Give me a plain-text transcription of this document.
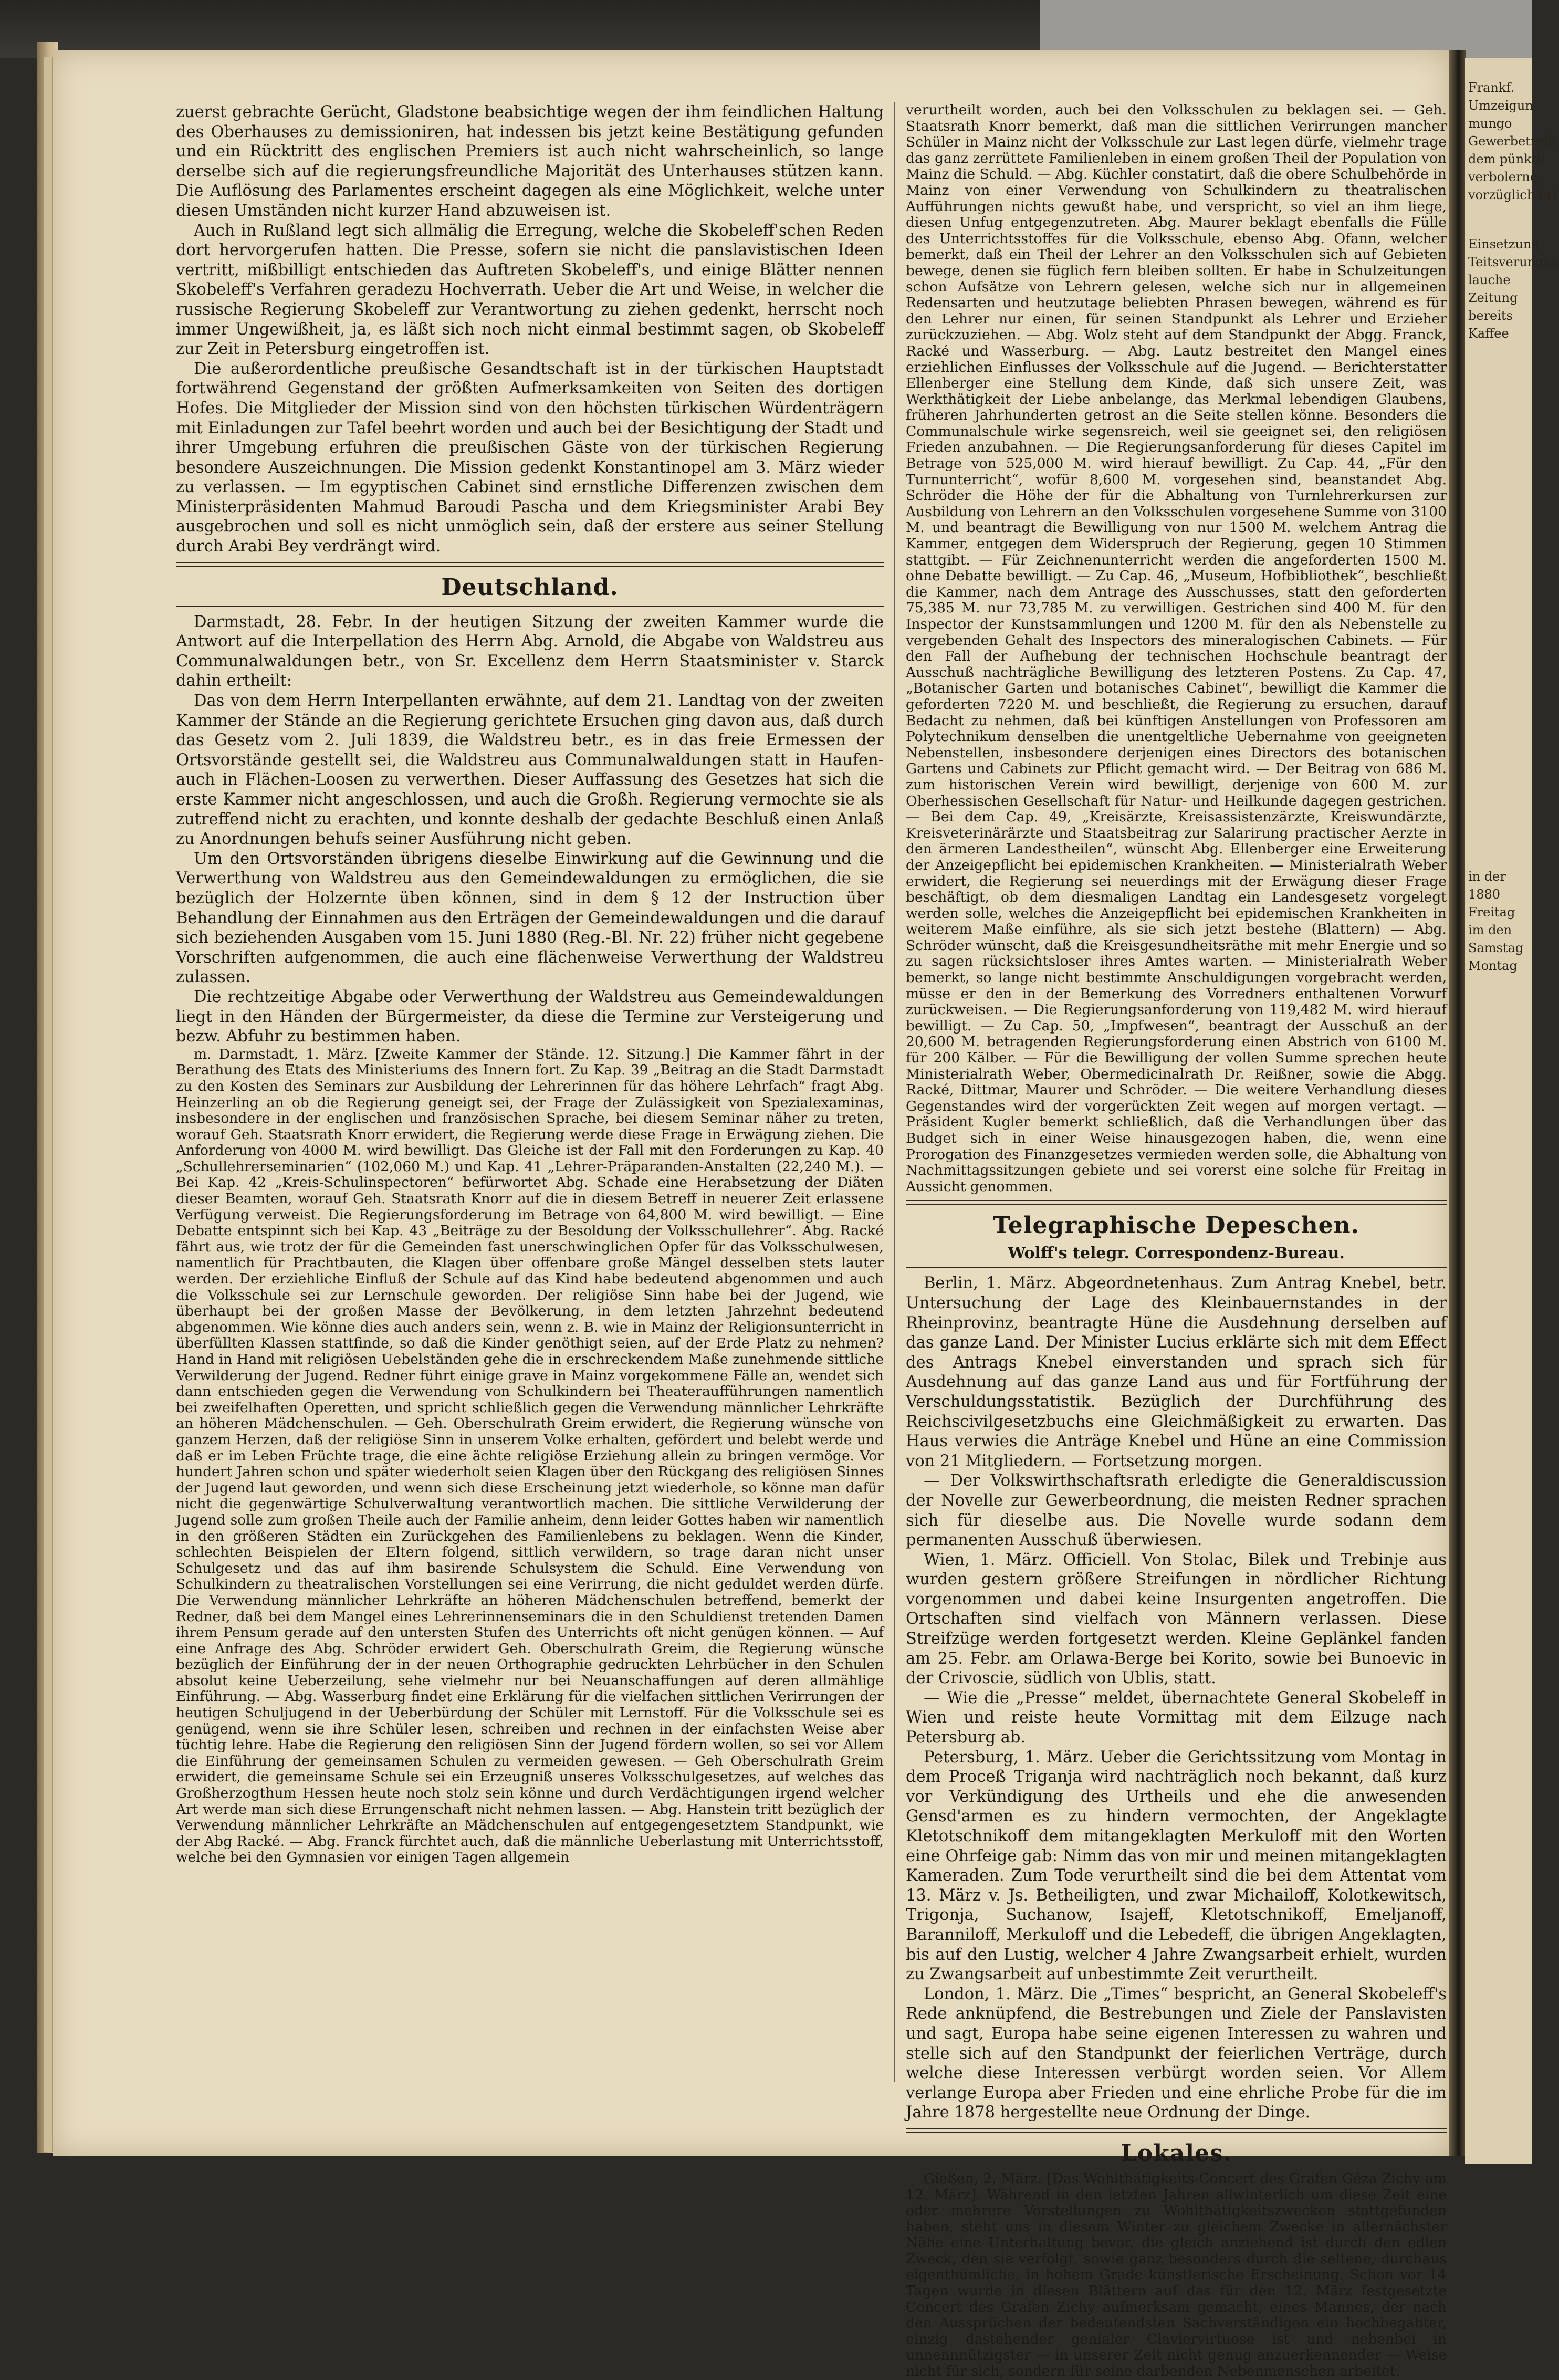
Frankf.
Umzeigun
mungo
Gewerbetreib
dem pünktli
verbolerne
vorzüglich bri
Einsetzung
Teitsverungen
lauche
Zeitung
bereits
Kaffee
in der
1880
Freitag
im den
Samstag
Montag

zuerst gebrachte Gerücht, Gladstone beabsichtige wegen der ihm feindlichen Haltung des Oberhauses zu demissioniren, hat indessen bis jetzt keine Bestätigung gefunden und ein Rücktritt des englischen Premiers ist auch nicht wahrscheinlich, so lange derselbe sich auf die regierungsfreundliche Majorität des Unterhauses stützen kann. Die Auflösung des Parlamentes erscheint dagegen als eine Möglichkeit, welche unter diesen Umständen nicht kurzer Hand abzuweisen ist.

Auch in Rußland legt sich allmälig die Erregung, welche die Skobeleff'schen Reden dort hervorgerufen hatten. Die Presse, sofern sie nicht die panslavistischen Ideen vertritt, mißbilligt entschieden das Auftreten Skobeleff's, und einige Blätter nennen Skobeleff's Verfahren geradezu Hochverrath. Ueber die Art und Weise, in welcher die russische Regierung Skobeleff zur Verantwortung zu ziehen gedenkt, herrscht noch immer Ungewißheit, ja, es läßt sich noch nicht einmal bestimmt sagen, ob Skobeleff zur Zeit in Petersburg eingetroffen ist.

Die außerordentliche preußische Gesandtschaft ist in der türkischen Hauptstadt fortwährend Gegenstand der größten Aufmerksamkeiten von Seiten des dortigen Hofes. Die Mitglieder der Mission sind von den höchsten türkischen Würdenträgern mit Einladungen zur Tafel beehrt worden und auch bei der Besichtigung der Stadt und ihrer Umgebung erfuhren die preußischen Gäste von der türkischen Regierung besondere Auszeichnungen. Die Mission gedenkt Konstantinopel am 3. März wieder zu verlassen. — Im egyptischen Cabinet sind ernstliche Differenzen zwischen dem Ministerpräsidenten Mahmud Baroudi Pascha und dem Kriegsminister Arabi Bey ausgebrochen und soll es nicht unmöglich sein, daß der erstere aus seiner Stellung durch Arabi Bey verdrängt wird.

Deutschland.

Darmstadt, 28. Febr. In der heutigen Sitzung der zweiten Kammer wurde die Antwort auf die Interpellation des Herrn Abg. Arnold, die Abgabe von Waldstreu aus Communalwaldungen betr., von Sr. Excellenz dem Herrn Staatsminister v. Starck dahin ertheilt:

Das von dem Herrn Interpellanten erwähnte, auf dem 21. Landtag von der zweiten Kammer der Stände an die Regierung gerichtete Ersuchen ging davon aus, daß durch das Gesetz vom 2. Juli 1839, die Waldstreu betr., es in das freie Ermessen der Ortsvorstände gestellt sei, die Waldstreu aus Communalwaldungen statt in Haufen- auch in Flächen-Loosen zu verwerthen. Dieser Auffassung des Gesetzes hat sich die erste Kammer nicht angeschlossen, und auch die Großh. Regierung vermochte sie als zutreffend nicht zu erachten, und konnte deshalb der gedachte Beschluß einen Anlaß zu Anordnungen behufs seiner Ausführung nicht geben.

Um den Ortsvorständen übrigens dieselbe Einwirkung auf die Gewinnung und die Verwerthung von Waldstreu aus den Gemeindewaldungen zu ermöglichen, die sie bezüglich der Holzernte üben können, sind in dem § 12 der Instruction über Behandlung der Einnahmen aus den Erträgen der Gemeindewaldungen und die darauf sich beziehenden Ausgaben vom 15. Juni 1880 (Reg.-Bl. Nr. 22) früher nicht gegebene Vorschriften aufgenommen, die auch eine flächenweise Verwerthung der Waldstreu zulassen.

Die rechtzeitige Abgabe oder Verwerthung der Waldstreu aus Gemeindewaldungen liegt in den Händen der Bürgermeister, da diese die Termine zur Versteigerung und bezw. Abfuhr zu bestimmen haben.

m. Darmstadt, 1. März. [Zweite Kammer der Stände. 12. Sitzung.] Die Kammer fährt in der Berathung des Etats des Ministeriums des Innern fort. Zu Kap. 39 „Beitrag an die Stadt Darmstadt zu den Kosten des Seminars zur Ausbildung der Lehrerinnen für das höhere Lehrfach“ fragt Abg. Heinzerling an ob die Regierung geneigt sei, der Frage der Zulässigkeit von Spezialexaminas, insbesondere in der englischen und französischen Sprache, bei diesem Seminar näher zu treten, worauf Geh. Staatsrath Knorr erwidert, die Regierung werde diese Frage in Erwägung ziehen. Die Anforderung von 4000 M. wird bewilligt. Das Gleiche ist der Fall mit den Forderungen zu Kap. 40 „Schullehrerseminarien“ (102,060 M.) und Kap. 41 „Lehrer-Präparanden-Anstalten (22,240 M.). — Bei Kap. 42 „Kreis-Schulinspectoren“ befürwortet Abg. Schade eine Herabsetzung der Diäten dieser Beamten, worauf Geh. Staatsrath Knorr auf die in diesem Betreff in neuerer Zeit erlassene Verfügung verweist. Die Regierungsforderung im Betrage von 64,800 M. wird bewilligt. — Eine Debatte entspinnt sich bei Kap. 43 „Beiträge zu der Besoldung der Volksschullehrer“. Abg. Racké fährt aus, wie trotz der für die Gemeinden fast unerschwinglichen Opfer für das Volksschulwesen, namentlich für Prachtbauten, die Klagen über offenbare große Mängel desselben stets lauter werden. Der erziehliche Einfluß der Schule auf das Kind habe bedeutend abgenommen und auch die Volksschule sei zur Lernschule geworden. Der religiöse Sinn habe bei der Jugend, wie überhaupt bei der großen Masse der Bevölkerung, in dem letzten Jahrzehnt bedeutend abgenommen. Wie könne dies auch anders sein, wenn z. B. wie in Mainz der Religionsunterricht in überfüllten Klassen stattfinde, so daß die Kinder genöthigt seien, auf der Erde Platz zu nehmen? Hand in Hand mit religiösen Uebelständen gehe die in erschreckendem Maße zunehmende sittliche Verwilderung der Jugend. Redner führt einige grave in Mainz vorgekommene Fälle an, wendet sich dann entschieden gegen die Verwendung von Schulkindern bei Theateraufführungen namentlich bei zweifelhaften Operetten, und spricht schließlich gegen die Verwendung männlicher Lehrkräfte an höheren Mädchenschulen. — Geh. Oberschulrath Greim erwidert, die Regierung wünsche von ganzem Herzen, daß der religiöse Sinn in unserem Volke erhalten, gefördert und belebt werde und daß er im Leben Früchte trage, die eine ächte religiöse Erziehung allein zu bringen vermöge. Vor hundert Jahren schon und später wiederholt seien Klagen über den Rückgang des religiösen Sinnes der Jugend laut geworden, und wenn sich diese Erscheinung jetzt wiederhole, so könne man dafür nicht die gegenwärtige Schulverwaltung verantwortlich machen. Die sittliche Verwilderung der Jugend solle zum großen Theile auch der Familie anheim, denn leider Gottes haben wir namentlich in den größeren Städten ein Zurückgehen des Familienlebens zu beklagen. Wenn die Kinder, schlechten Beispielen der Eltern folgend, sittlich verwildern, so trage daran nicht unser Schulgesetz und das auf ihm basirende Schulsystem die Schuld. Eine Verwendung von Schulkindern zu theatralischen Vorstellungen sei eine Verirrung, die nicht geduldet werden dürfe. Die Verwendung männlicher Lehrkräfte an höheren Mädchenschulen betreffend, bemerkt der Redner, daß bei dem Mangel eines Lehrerinnenseminars die in den Schuldienst tretenden Damen ihrem Pensum gerade auf den untersten Stufen des Unterrichts oft nicht genügen können. — Auf eine Anfrage des Abg. Schröder erwidert Geh. Oberschulrath Greim, die Regierung wünsche bezüglich der Einführung der in der neuen Orthographie gedruckten Lehrbücher in den Schulen absolut keine Ueberzeilung, sehe vielmehr nur bei Neuanschaffungen auf deren allmählige Einführung. — Abg. Wasserburg findet eine Erklärung für die vielfachen sittlichen Verirrungen der heutigen Schuljugend in der Ueberbürdung der Schüler mit Lernstoff. Für die Volksschule sei es genügend, wenn sie ihre Schüler lesen, schreiben und rechnen in der einfachsten Weise aber tüchtig lehre. Habe die Regierung den religiösen Sinn der Jugend fördern wollen, so sei vor Allem die Einführung der gemeinsamen Schulen zu vermeiden gewesen. — Geh Oberschulrath Greim erwidert, die gemeinsame Schule sei ein Erzeugniß unseres Volksschulgesetzes, auf welches das Großherzogthum Hessen heute noch stolz sein könne und durch Verdächtigungen irgend welcher Art werde man sich diese Errungenschaft nicht nehmen lassen. — Abg. Hanstein tritt bezüglich der Verwendung männlicher Lehrkräfte an Mädchenschulen auf entgegengesetztem Standpunkt, wie der Abg Racké. — Abg. Franck fürchtet auch, daß die männliche Ueberlastung mit Unterrichtsstoff, welche bei den Gymnasien vor einigen Tagen allgemein

verurtheilt worden, auch bei den Volksschulen zu beklagen sei. — Geh. Staatsrath Knorr bemerkt, daß man die sittlichen Verirrungen mancher Schüler in Mainz nicht der Volksschule zur Last legen dürfe, vielmehr trage das ganz zerrüttete Familienleben in einem großen Theil der Population von Mainz die Schuld. — Abg. Küchler constatirt, daß die obere Schulbehörde in Mainz von einer Verwendung von Schulkindern zu theatralischen Aufführungen nichts gewußt habe, und verspricht, so viel an ihm liege, diesen Unfug entgegenzutreten. Abg. Maurer beklagt ebenfalls die Fülle des Unterrichtsstoffes für die Volksschule, ebenso Abg. Ofann, welcher bemerkt, daß ein Theil der Lehrer an den Volksschulen sich auf Gebieten bewege, denen sie füglich fern bleiben sollten. Er habe in Schulzeitungen schon Aufsätze von Lehrern gelesen, welche sich nur in allgemeinen Redensarten und heutzutage beliebten Phrasen bewegen, während es für den Lehrer nur einen, für seinen Standpunkt als Lehrer und Erzieher zurückzuziehen. — Abg. Wolz steht auf dem Standpunkt der Abgg. Franck, Racké und Wasserburg. — Abg. Lautz bestreitet den Mangel eines erziehlichen Einflusses der Volksschule auf die Jugend. — Berichterstatter Ellenberger eine Stellung dem Kinde, daß sich unsere Zeit, was Werkthätigkeit der Liebe anbelange, das Merkmal lebendigen Glaubens, früheren Jahrhunderten getrost an die Seite stellen könne. Besonders die Communalschule wirke segensreich, weil sie geeignet sei, den religiösen Frieden anzubahnen. — Die Regierungsanforderung für dieses Capitel im Betrage von 525,000 M. wird hierauf bewilligt. Zu Cap. 44, „Für den Turnunterricht“, wofür 8,600 M. vorgesehen sind, beanstandet Abg. Schröder die Höhe der für die Abhaltung von Turnlehrerkursen zur Ausbildung von Lehrern an den Volksschulen vorgesehene Summe von 3100 M. und beantragt die Bewilligung von nur 1500 M. welchem Antrag die Kammer, entgegen dem Widerspruch der Regierung, gegen 10 Stimmen stattgibt. — Für Zeichnenunterricht werden die angeforderten 1500 M. ohne Debatte bewilligt. — Zu Cap. 46, „Museum, Hofbibliothek“, beschließt die Kammer, nach dem Antrage des Ausschusses, statt den geforderten 75,385 M. nur 73,785 M. zu verwilligen. Gestrichen sind 400 M. für den Inspector der Kunstsammlungen und 1200 M. für den als Nebenstelle zu vergebenden Gehalt des Inspectors des mineralogischen Cabinets. — Für den Fall der Aufhebung der technischen Hochschule beantragt der Ausschuß nachträgliche Bewilligung des letzteren Postens. Zu Cap. 47, „Botanischer Garten und botanisches Cabinet“, bewilligt die Kammer die geforderten 7220 M. und beschließt, die Regierung zu ersuchen, darauf Bedacht zu nehmen, daß bei künftigen Anstellungen von Professoren am Polytechnikum denselben die unentgeltliche Uebernahme von geeigneten Nebenstellen, insbesondere derjenigen eines Directors des botanischen Gartens und Cabinets zur Pflicht gemacht wird. — Der Beitrag von 686 M. zum historischen Verein wird bewilligt, derjenige von 600 M. zur Oberhessischen Gesellschaft für Natur- und Heilkunde dagegen gestrichen. — Bei dem Cap. 49, „Kreisärzte, Kreisassistenzärzte, Kreiswundärzte, Kreisveterinärärzte und Staatsbeitrag zur Salarirung practischer Aerzte in den ärmeren Landestheilen“, wünscht Abg. Ellenberger eine Erweiterung der Anzeigepflicht bei epidemischen Krankheiten. — Ministerialrath Weber erwidert, die Regierung sei neuerdings mit der Erwägung dieser Frage beschäftigt, ob dem diesmaligen Landtag ein Landesgesetz vorgelegt werden solle, welches die Anzeigepflicht bei epidemischen Krankheiten in weiterem Maße einführe, als sie sich jetzt bestehe (Blattern) — Abg. Schröder wünscht, daß die Kreisgesundheitsräthe mit mehr Energie und so zu sagen rücksichtsloser ihres Amtes warten. — Ministerialrath Weber bemerkt, so lange nicht bestimmte Anschuldigungen vorgebracht werden, müsse er den in der Bemerkung des Vorredners enthaltenen Vorwurf zurückweisen. — Die Regierungsanforderung von 119,482 M. wird hierauf bewilligt. — Zu Cap. 50, „Impfwesen“, beantragt der Ausschuß an der 20,600 M. betragenden Regierungsforderung einen Abstrich von 6100 M. für 200 Kälber. — Für die Bewilligung der vollen Summe sprechen heute Ministerialrath Weber, Obermedicinalrath Dr. Reißner, sowie die Abgg. Racké, Dittmar, Maurer und Schröder. — Die weitere Verhandlung dieses Gegenstandes wird der vorgerückten Zeit wegen auf morgen vertagt. — Präsident Kugler bemerkt schließlich, daß die Verhandlungen über das Budget sich in einer Weise hinausgezogen haben, die, wenn eine Prorogation des Finanzgesetzes vermieden werden solle, die Abhaltung von Nachmittagssitzungen gebiete und sei vorerst eine solche für Freitag in Aussicht genommen.

Telegraphische Depeschen.
Wolff's telegr. Correspondenz-Bureau.

Berlin, 1. März. Abgeordnetenhaus. Zum Antrag Knebel, betr. Untersuchung der Lage des Kleinbauernstandes in der Rheinprovinz, beantragte Hüne die Ausdehnung derselben auf das ganze Land. Der Minister Lucius erklärte sich mit dem Effect des Antrags Knebel einverstanden und sprach sich für Ausdehnung auf das ganze Land aus und für Fortführung der Verschuldungsstatistik. Bezüglich der Durchführung des Reichscivilgesetzbuchs eine Gleichmäßigkeit zu erwarten. Das Haus verwies die Anträge Knebel und Hüne an eine Commission von 21 Mitgliedern. — Fortsetzung morgen.

— Der Volkswirthschaftsrath erledigte die Generaldiscussion der Novelle zur Gewerbeordnung, die meisten Redner sprachen sich für dieselbe aus. Die Novelle wurde sodann dem permanenten Ausschuß überwiesen.

Wien, 1. März. Officiell. Von Stolac, Bilek und Trebinje aus wurden gestern größere Streifungen in nördlicher Richtung vorgenommen und dabei keine Insurgenten angetroffen. Die Ortschaften sind vielfach von Männern verlassen. Diese Streifzüge werden fortgesetzt werden. Kleine Geplänkel fanden am 25. Febr. am Orlawa-Berge bei Korito, sowie bei Bunoevic in der Crivoscie, südlich von Ublis, statt.

— Wie die „Presse“ meldet, übernachtete General Skobeleff in Wien und reiste heute Vormittag mit dem Eilzuge nach Petersburg ab.

Petersburg, 1. März. Ueber die Gerichtssitzung vom Montag in dem Proceß Triganja wird nachträglich noch bekannt, daß kurz vor Verkündigung des Urtheils und ehe die anwesenden Gensd'armen es zu hindern vermochten, der Angeklagte Kletotschnikoff dem mitangeklagten Merkuloff mit den Worten eine Ohrfeige gab: Nimm das von mir und meinen mitangeklagten Kameraden. Zum Tode verurtheilt sind die bei dem Attentat vom 13. März v. Js. Betheiligten, und zwar Michailoff, Kolotkewitsch, Trigonja, Suchanow, Isajeff, Kletotschnikoff, Emeljanoff, Baranniloff, Merkuloff und die Lebedeff, die übrigen Angeklagten, bis auf den Lustig, welcher 4 Jahre Zwangsarbeit erhielt, wurden zu Zwangsarbeit auf unbestimmte Zeit verurtheilt.

London, 1. März. Die „Times“ bespricht, an General Skobeleff's Rede anknüpfend, die Bestrebungen und Ziele der Panslavisten und sagt, Europa habe seine eigenen Interessen zu wahren und stelle sich auf den Standpunkt der feierlichen Verträge, durch welche diese Interessen verbürgt worden seien. Vor Allem verlange Europa aber Frieden und eine ehrliche Probe für die im Jahre 1878 hergestellte neue Ordnung der Dinge.

Lokales.

Gießen, 2. März. [Das Wohlthätigkeits-Concert des Grafen Géza Zichy am 12. März]. Während in den letzten Jahren allwinterlich um diese Zeit eine oder mehrere Vorstellungen zu Wohlthätigkeitszwecken stattgefunden haben, steht uns in diesem Winter zu gleichem Zwecke in allernächster Nähe eine Unterhaltung bevor, die gleich anziehend ist durch den edlen Zweck, den sie verfolgt, sowie ganz besonders durch die seltene, durchaus eigenthümliche, in hohem Grade künstlerische Erscheinung. Schon vor 14 Tagen wurde in diesen Blättern auf das für den 12. März festgesetzte Concert des Grafen Zichy aufmerksam gemacht, eines Mannes, der nach den Aussprüchen der bedeutendsten Sachverständigen ein hochbegabter, einzig dastehender genialer Claviervirtuose ist und nebenbei in unnennnützigster — in unserer Zeit nicht genug anzuerkennender — Weise nicht für sich, sondern für seine darbenden Nebenmenschen arbeitet.
